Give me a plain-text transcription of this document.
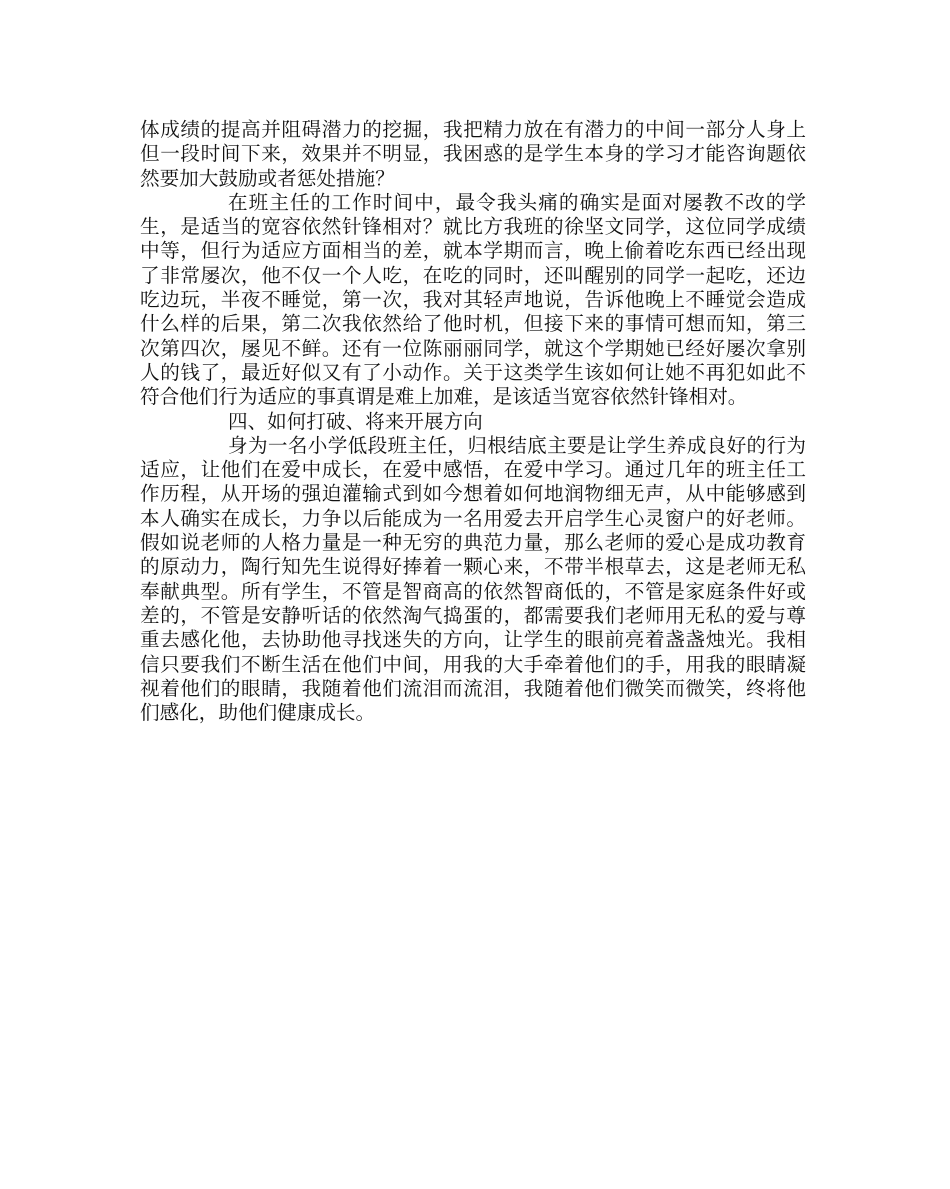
体成绩的提高并阻碍潜力的挖掘，我把精力放在有潜力的中间一部分人身上但一段时间下来，效果并不明显，我困惑的是学生本身的学习才能咨询题依然要加大鼓励或者惩处措施？

在班主任的工作时间中，最令我头痛的确实是面对屡教不改的学生，是适当的宽容依然针锋相对？就比方我班的徐坚文同学，这位同学成绩中等，但行为适应方面相当的差，就本学期而言，晚上偷着吃东西已经出现了非常屡次，他不仅一个人吃，在吃的同时，还叫醒别的同学一起吃，还边吃边玩，半夜不睡觉，第一次，我对其轻声地说，告诉他晚上不睡觉会造成什么样的后果，第二次我依然给了他时机，但接下来的事情可想而知，第三次第四次，屡见不鲜。还有一位陈丽丽同学，就这个学期她已经好屡次拿别人的钱了，最近好似又有了小动作。关于这类学生该如何让她不再犯如此不符合他们行为适应的事真谓是难上加难，是该适当宽容依然针锋相对。

四、如何打破、将来开展方向

身为一名小学低段班主任，归根结底主要是让学生养成良好的行为适应，让他们在爱中成长，在爱中感悟，在爱中学习。通过几年的班主任工作历程，从开场的强迫灌输式到如今想着如何地润物细无声，从中能够感到本人确实在成长，力争以后能成为一名用爱去开启学生心灵窗户的好老师。假如说老师的人格力量是一种无穷的典范力量，那么老师的爱心是成功教育的原动力，陶行知先生说得好捧着一颗心来，不带半根草去，这是老师无私奉献典型。所有学生，不管是智商高的依然智商低的，不管是家庭条件好或差的，不管是安静听话的依然淘气捣蛋的，都需要我们老师用无私的爱与尊重去感化他，去协助他寻找迷失的方向，让学生的眼前亮着盏盏烛光。我相信只要我们不断生活在他们中间，用我的大手牵着他们的手，用我的眼睛凝视着他们的眼睛，我随着他们流泪而流泪，我随着他们微笑而微笑，终将他们感化，助他们健康成长。
